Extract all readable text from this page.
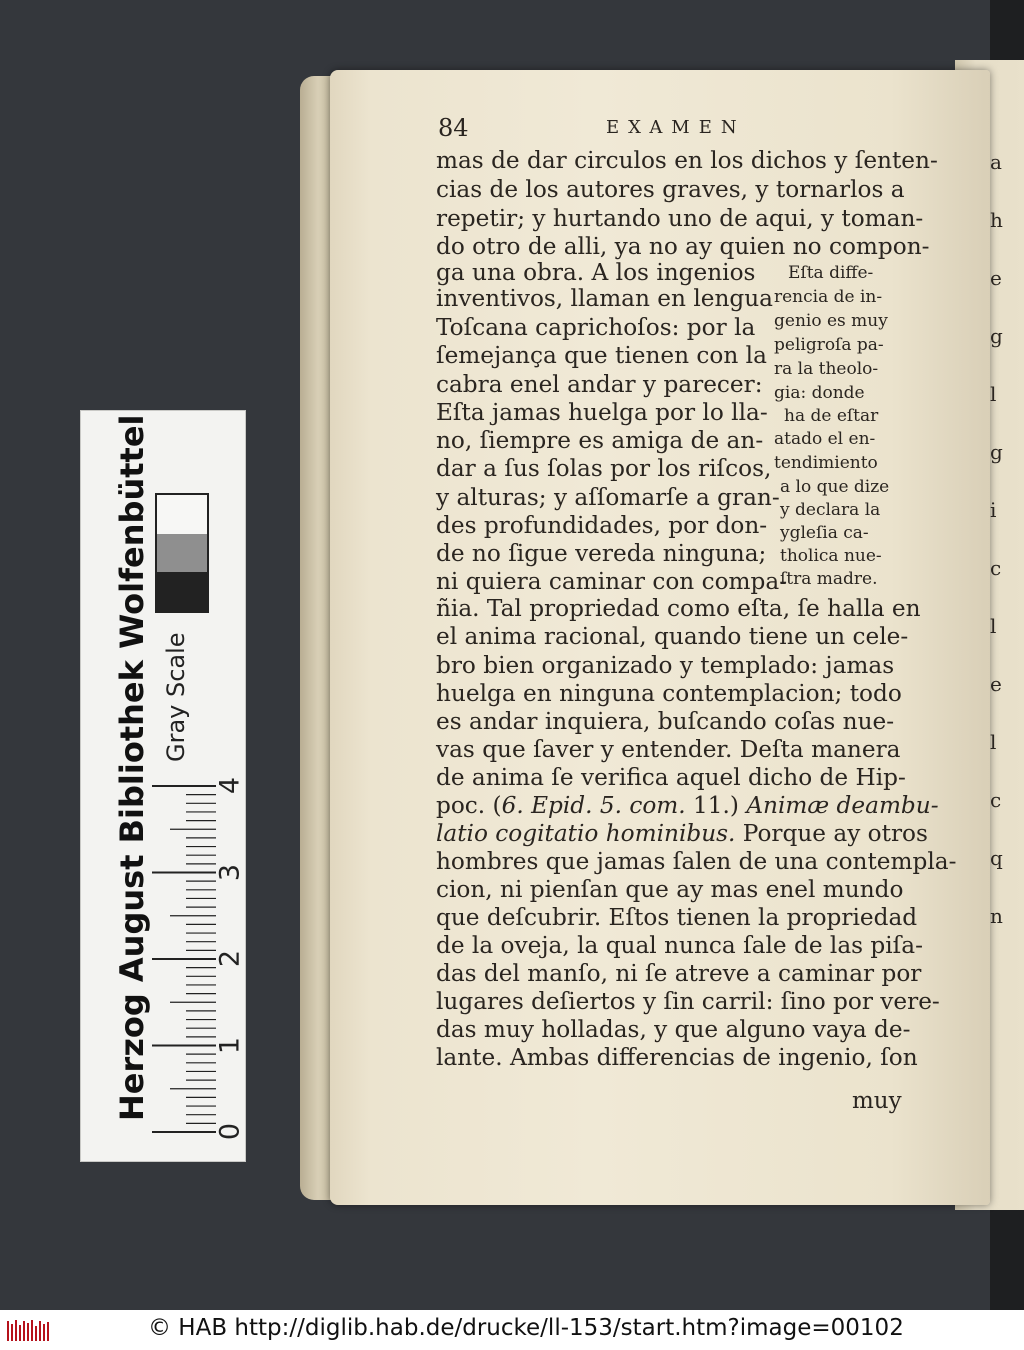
84	EXAMEN
mas de dar circulos en los dichos y ſenten-
cias de los autores graves, y tornarlos a
repetir; y hurtando uno de aqui, y toman-
do otro de alli, ya no ay quien no compon-
ga una obra. A los ingenios
inventivos, llaman en lengua
Toſcana caprichoſos: por la
ſemejança que tienen con la
cabra enel andar y parecer:
Eſta jamas huelga por lo lla-
no, ſiempre es amiga de an-
dar a ſus ſolas por los riſcos,
y alturas; y aſſomarſe a gran-
des profundidades, por don-
de no ſigue vereda ninguna;
ni quiera caminar con compa-
ñia. Tal propriedad como eſta, ſe halla en
el anima racional, quando tiene un cele-
bro bien organizado y templado: jamas
huelga en ninguna contemplacion; todo
es andar inquiera, buſcando coſas nue-
vas que ſaver y entender. Deſta manera
de anima ſe verifica aquel dicho de Hip-
poc. (6. Epid. 5. com. 11.) Animæ deambu-
latio cogitatio hominibus. Porque ay otros
hombres que jamas ſalen de una contempla-
cion, ni pienſan que ay mas enel mundo
que deſcubrir. Eſtos tienen la propriedad
de la oveja, la qual nunca ſale de las piſa-
das del manſo, ni ſe atreve a caminar por
lugares deſiertos y ſin carril: ſino por vere-
das muy holladas, y que alguno vaya de-
lante. Ambas differencias de ingenio, ſon
muy
Eſta diffe-
rencia de in-
genio es muy
peligroſa pa-
ra la theolo-
gia: donde
ha de eſtar
atado el en-
tendimiento
a lo que dize
y declara la
ygleſia ca-
tholica nue-
ſtra madre.
Herzog August Bibliothek Wolfenbüttel Gray Scale
0
1
2
3
4
© HAB http://diglib.hab.de/drucke/ll-153/start.htm?image=00102
a
h
e
g
l
g
i
c
l
e
l
c
q
n
